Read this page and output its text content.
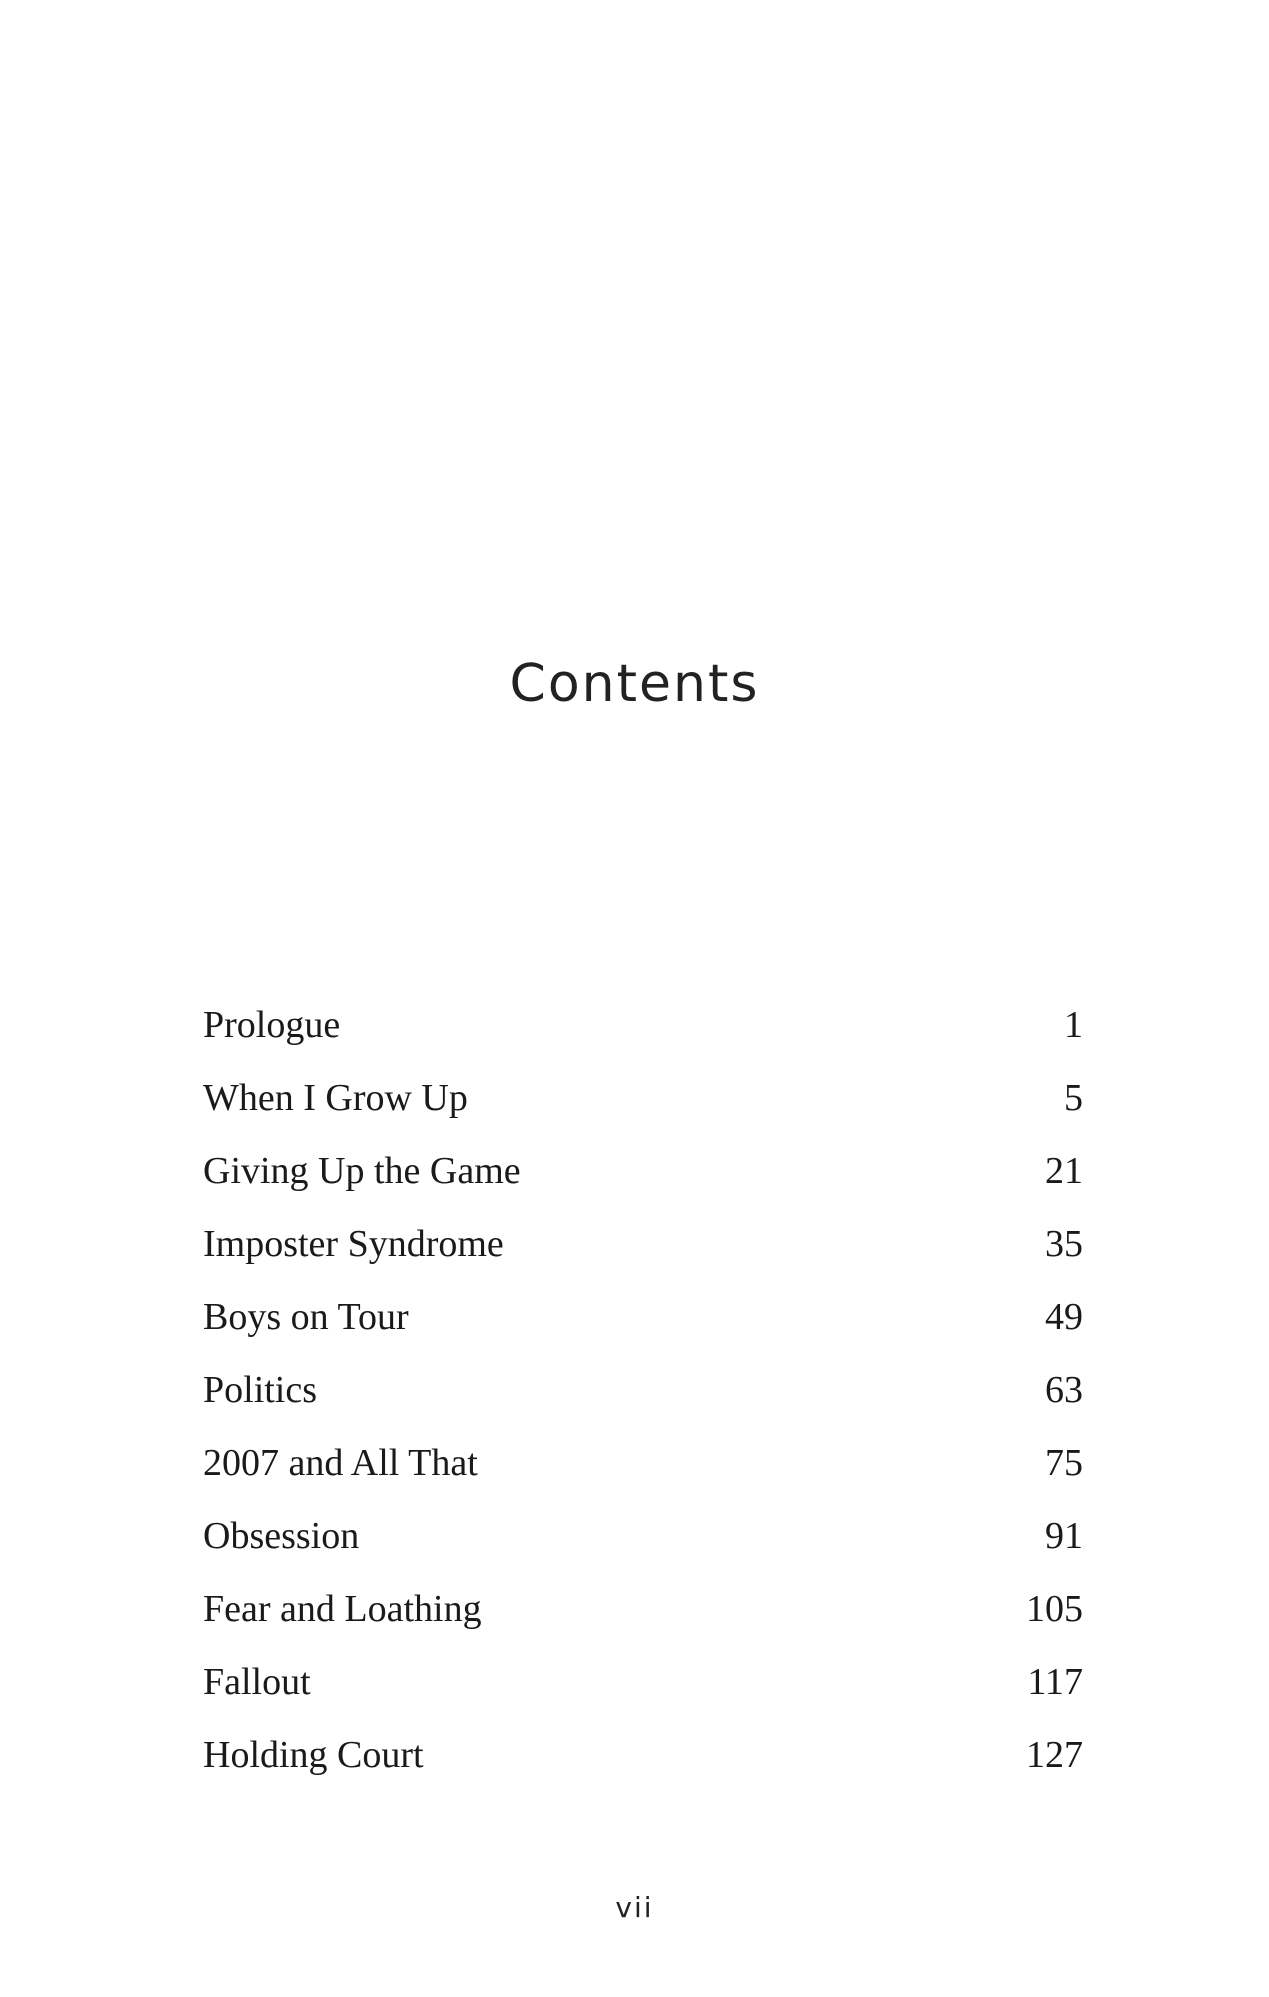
Contents
Prologue	1
When I Grow Up	5
Giving Up the Game	21
Imposter Syndrome	35
Boys on Tour	49
Politics	63
2007 and All That	75
Obsession	91
Fear and Loathing	105
Fallout	117
Holding Court	127
vii
